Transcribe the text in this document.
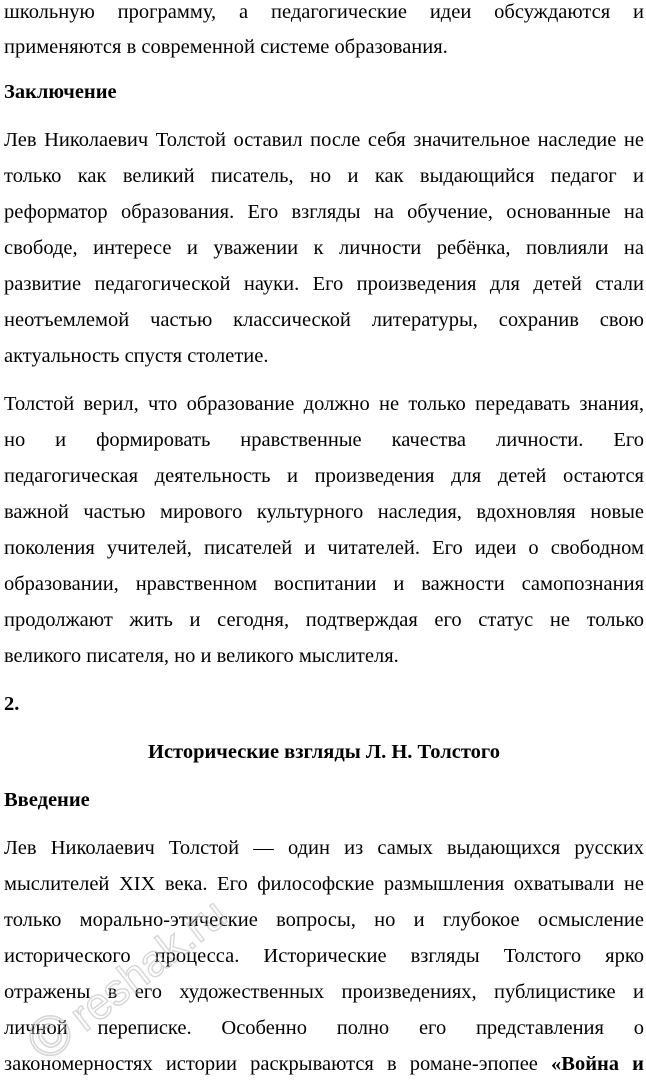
школьную программу, а педагогические идеи обсуждаются и
применяются в современной системе образования.
Заключение
Лев Николаевич Толстой оставил после себя значительное наследие не
только как великий писатель, но и как выдающийся педагог и
реформатор образования. Его взгляды на обучение, основанные на
свободе, интересе и уважении к личности ребёнка, повлияли на
развитие педагогической науки. Его произведения для детей стали
неотъемлемой частью классической литературы, сохранив свою
актуальность спустя столетие.
Толстой верил, что образование должно не только передавать знания,
но и формировать нравственные качества личности. Его
педагогическая деятельность и произведения для детей остаются
важной частью мирового культурного наследия, вдохновляя новые
поколения учителей, писателей и читателей. Его идеи о свободном
образовании, нравственном воспитании и важности самопознания
продолжают жить и сегодня, подтверждая его статус не только
великого писателя, но и великого мыслителя.
2.
Исторические взгляды Л. Н. Толстого
Введение
Лев Николаевич Толстой — один из самых выдающихся русских
мыслителей XIX века. Его философские размышления охватывали не
только морально-этические вопросы, но и глубокое осмысление
исторического процесса. Исторические взгляды Толстого ярко
отражены в его художественных произведениях, публицистике и
личной переписке. Особенно полно его представления о
закономерностях истории раскрываются в романе-эпопее «Война и
©
reshak.ru
